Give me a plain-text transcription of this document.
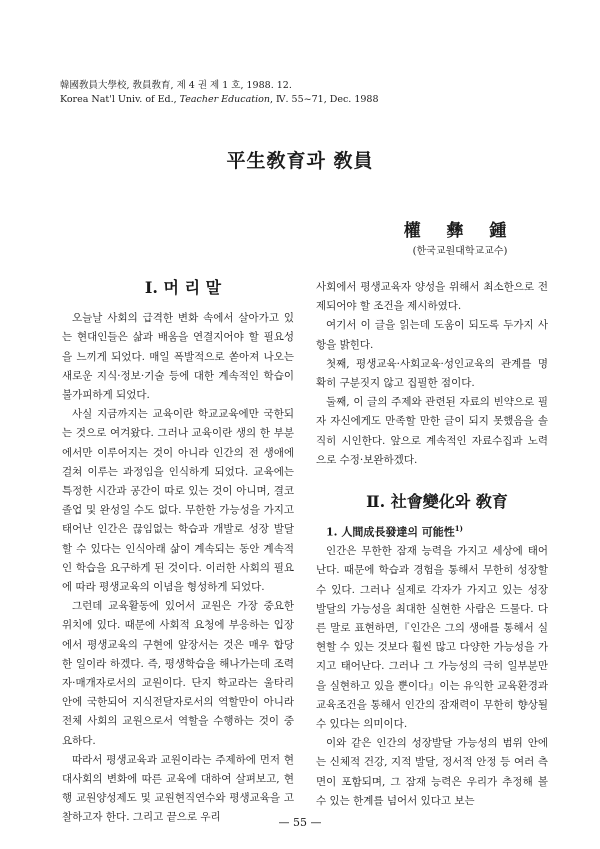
韓國敎員大學校, 敎員敎育, 제 4 권 제 1 호, 1988. 12.
Korea Nat'l Univ. of Ed., Teacher Education, Ⅳ. 55~71, Dec. 1988
平生敎育과 敎員
權 彝 鍾
(한국교원대학교교수)

Ⅰ. 머 리 말

오늘날 사회의 급격한 변화 속에서 살아가고 있는 현대인들은 삶과 배움을 연결지어야 할 필요성을 느끼게 되었다. 매일 폭발적으로 쏟아져 나오는 새로운 지식·정보·기술 등에 대한 계속적인 학습이 불가피하게 되었다.

사실 지금까지는 교육이란 학교교육에만 국한되는 것으로 여겨왔다. 그러나 교육이란 생의 한 부분에서만 이루어지는 것이 아니라 인간의 전 생애에 걸쳐 이루는 과정임을 인식하게 되었다. 교육에는 특정한 시간과 공간이 따로 있는 것이 아니며, 결코 졸업 및 완성일 수도 없다. 무한한 가능성을 가지고 태어난 인간은 끊임없는 학습과 개발로 성장 발달할 수 있다는 인식아래 삶이 계속되는 동안 계속적인 학습을 요구하게 된 것이다. 이러한 사회의 필요에 따라 평생교육의 이념을 형성하게 되었다.

그런데 교육활동에 있어서 교원은 가장 중요한 위치에 있다. 때문에 사회적 요청에 부응하는 입장에서 평생교육의 구현에 앞장서는 것은 매우 합당한 일이라 하겠다. 즉, 평생학습을 해나가는데 조력자·매개자로서의 교원이다. 단지 학교라는 울타리 안에 국한되어 지식전달자로서의 역할만이 아니라 전체 사회의 교원으로서 역할을 수행하는 것이 중요하다.

따라서 평생교육과 교원이라는 주제하에 먼저 현대사회의 변화에 따른 교육에 대하여 살펴보고, 현행 교원양성제도 및 교원현직연수와 평생교육을 고찰하고자 한다. 그리고 끝으로 우리

사회에서 평생교육자 양성을 위해서 최소한으로 전제되어야 할 조건을 제시하였다.

여기서 이 글을 읽는데 도움이 되도록 두가지 사항을 밝힌다.

첫째, 평생교육·사회교육·성인교육의 관계를 명확히 구분짓지 않고 집필한 점이다.

둘째, 이 글의 주제와 관련된 자료의 빈약으로 필자 자신에게도 만족할 만한 글이 되지 못했음을 솔직히 시인한다. 앞으로 계속적인 자료수집과 노력으로 수정·보완하겠다.

Ⅱ. 社會變化와 敎育

1. 人間成長發達의 可能性$^{1)}$

인간은 무한한 잠재 능력을 가지고 세상에 태어난다. 때문에 학습과 경험을 통해서 무한히 성장할 수 있다. 그러나 실제로 각자가 가지고 있는 성장 발달의 가능성을 최대한 실현한 사람은 드물다. 다른 말로 표현하면,『인간은 그의 생애를 통해서 실현할 수 있는 것보다 훨씬 많고 다양한 가능성을 가지고 태어난다. 그러나 그 가능성의 극히 일부분만을 실현하고 있을 뿐이다』이는 유익한 교육환경과 교육조건을 통해서 인간의 잠재력이 무한히 향상될 수 있다는 의미이다.

이와 같은 인간의 성장발달 가능성의 범위 안에는 신체적 건강, 지적 발달, 정서적 안정 등 여러 측면이 포함되며, 그 잠재 능력은 우리가 추정해 볼 수 있는 한계를 넘어서 있다고 보는

— 55 —
